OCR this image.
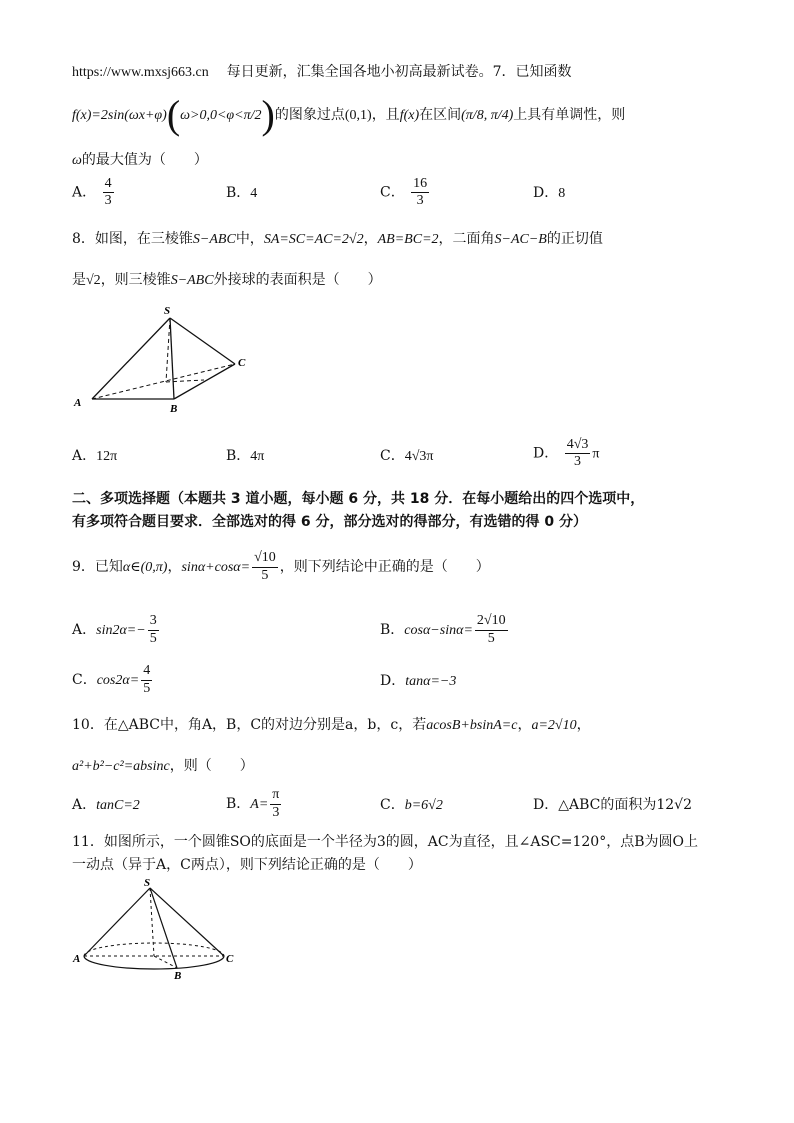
https://www.mxsj663.cn 每日更新，汇集全国各地小初高最新试卷。7．已知函数
f(x)=2sin(ωx+φ)(ω>0,0<φ<π/2)的图象过点(0,1)，且f(x)在区间(π/8, π/4)上具有单调性，则
ω的最大值为（　　）
A． $\frac{4}{3}$	B．4	C． $\frac{16}{3}$	D．8
8．如图，在三棱锥S−ABC中，SA=SC=AC=2√2，AB=BC=2，二面角S−AC−B的正切值
是√2，则三棱锥S−ABC外接球的表面积是（　　）
S
A	B
C
A．12π	B．4π	C．4√3π	D． $\frac{4√3}{3}$ π
二、多项选择题（本题共 3 道小题，每小题 6 分，共 18 分．在每小题给出的四个选项中，
有多项符合题目要求．全部选对的得 6 分，部分选对的得部分，有选错的得 0 分）
9．已知α∈(0,π)，$\sin\alpha+\cos\alpha= \frac{√10}{5}$ ，则下列结论中正确的是（　　）
A．$\sin 2\alpha=- \frac{3}{5}$	B．$\cos\alpha-\sin\alpha= \frac{2√10}{5}$
C．$\cos 2\alpha= \frac{4}{5}$	D．tanα=−3
10．在△ABC中，角A，B，C的对边分别是a，b，c，若acosB+bsinA=c，a=2√10，
a²+b²−c²=absinc，则（　　）
A．tanC=2	B．$A= \frac{\pi}{3}$	C．b=6√2	D．△ABC的面积为12√2
11．如图所示，一个圆锥SO的底面是一个半径为3的圆，AC为直径，且∠ASC=120°，点B为圆O上
一动点（异于A，C两点），则下列结论正确的是（　　）
S
A
B
C
